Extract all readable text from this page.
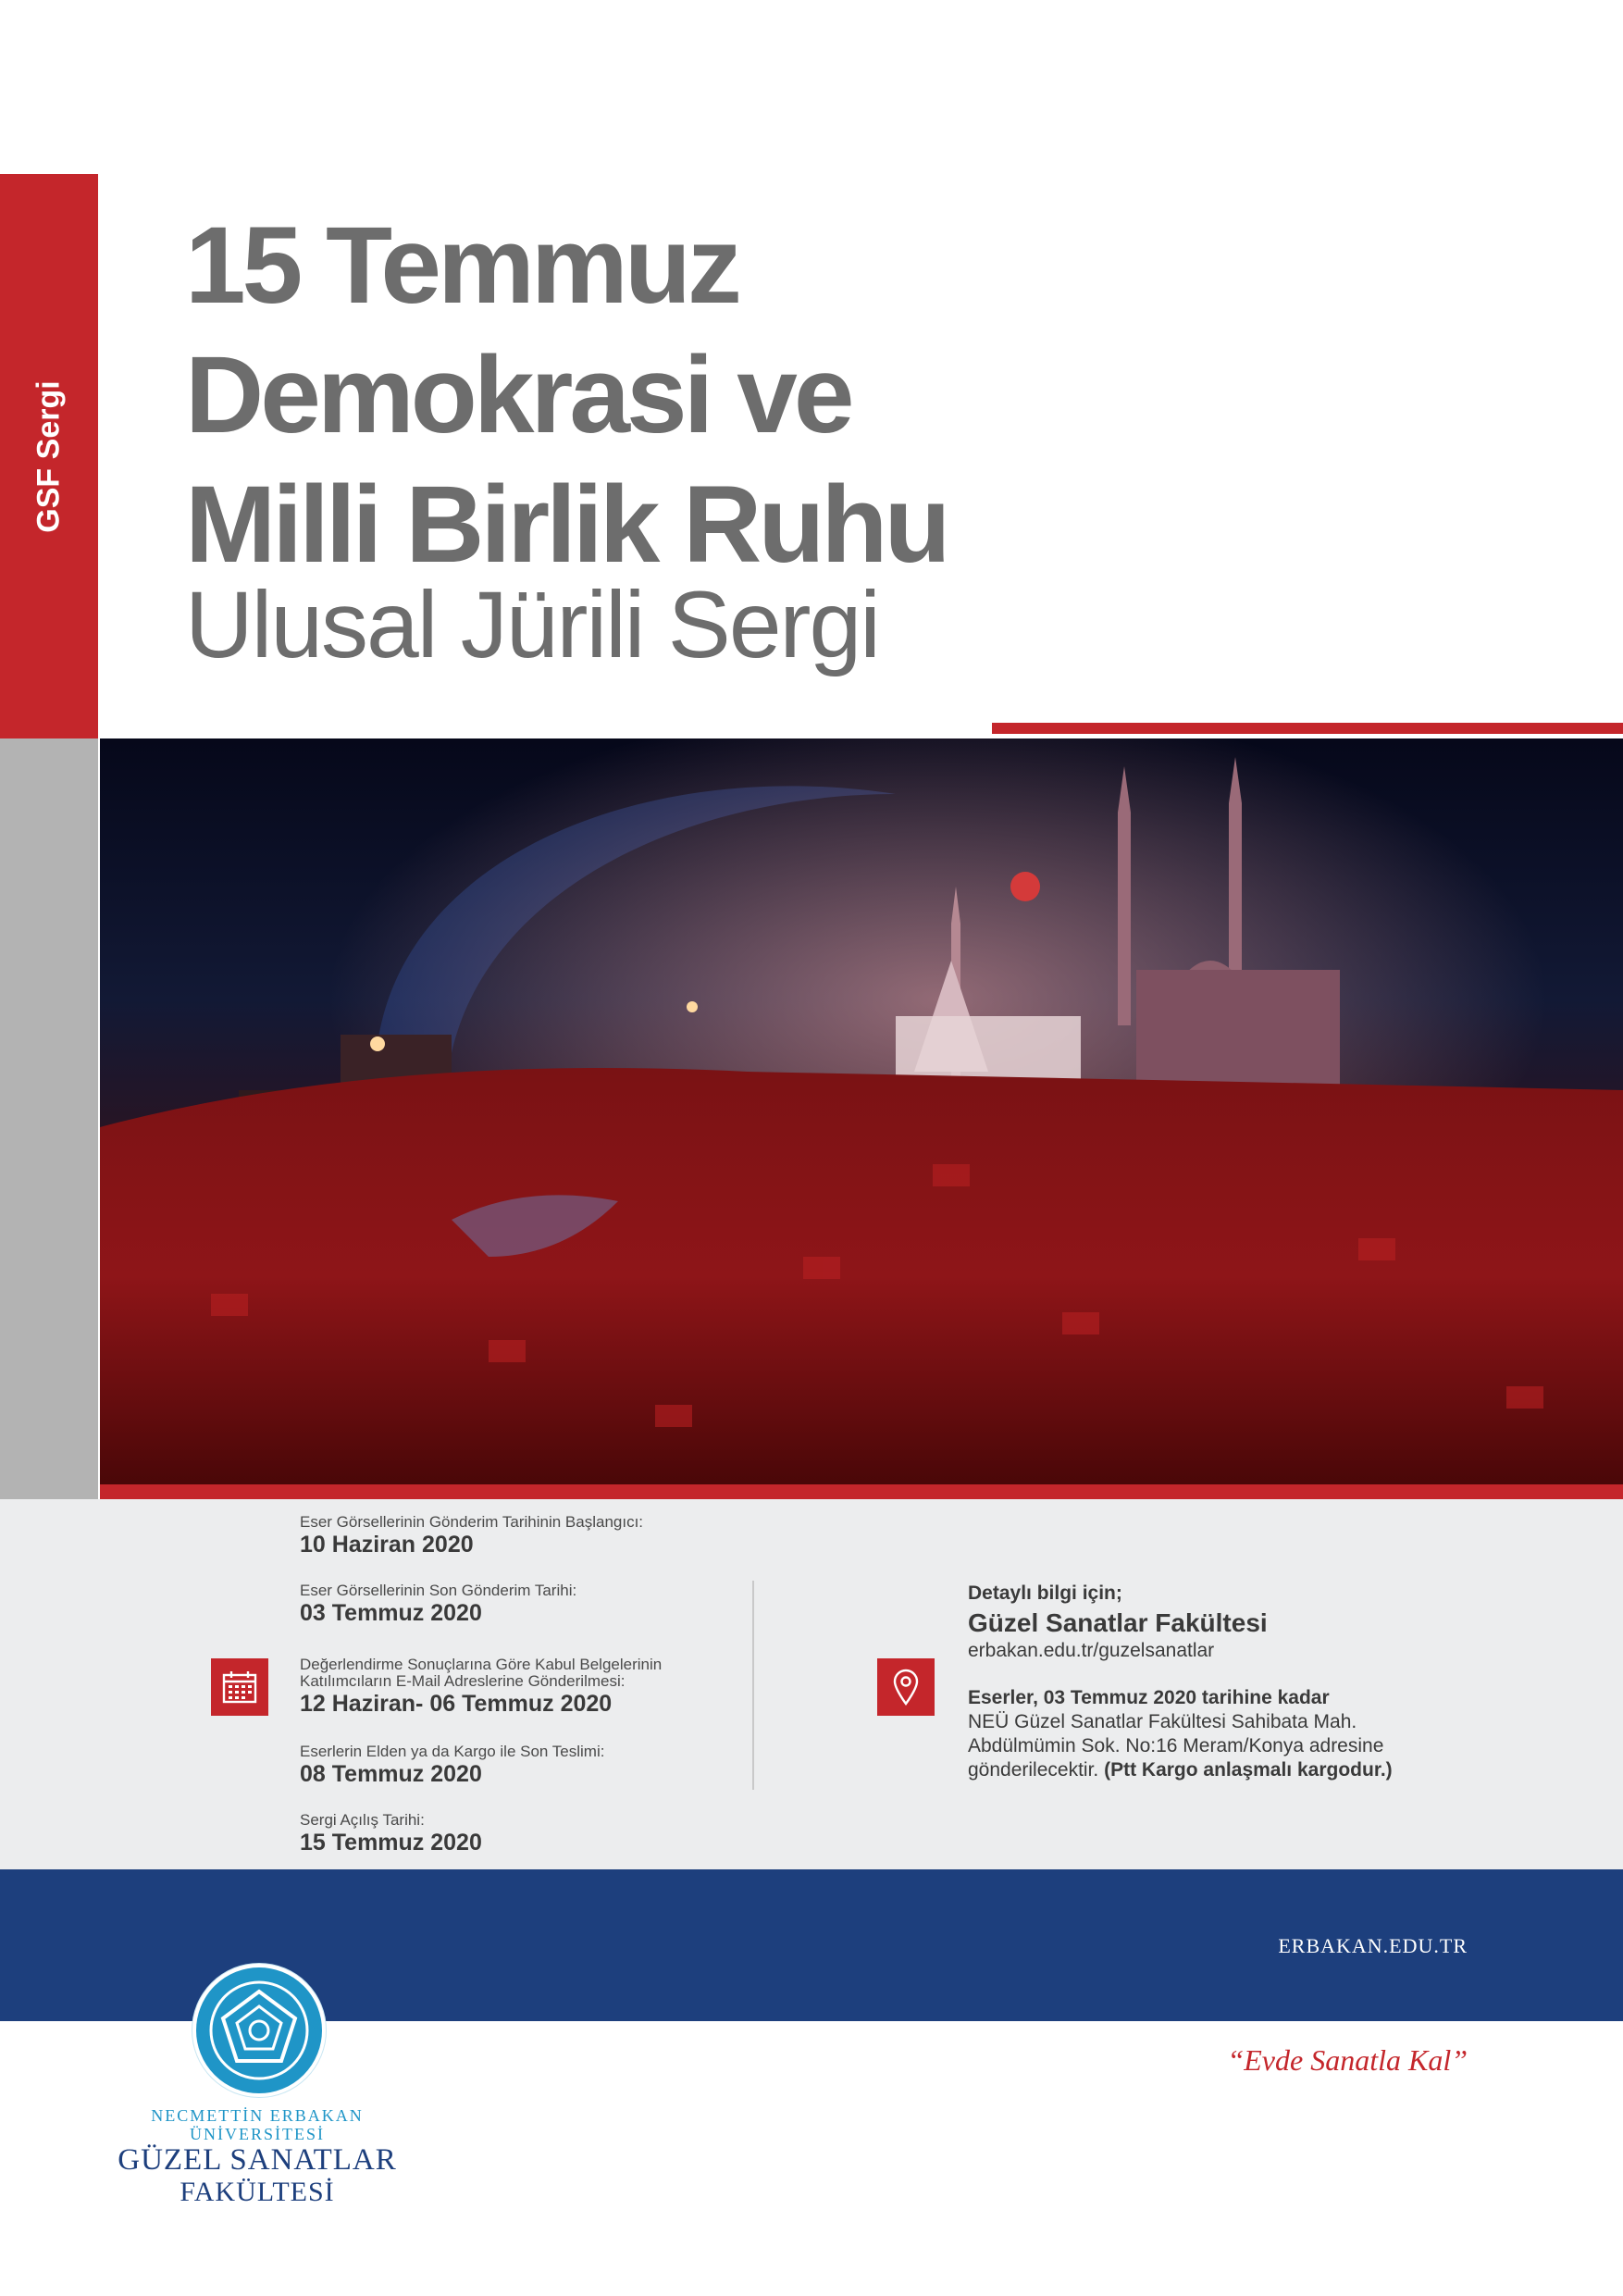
GSF Sergi
15 Temmuz
Demokrasi ve
Milli Birlik Ruhu
Ulusal Jürili Sergi
Eser Görsellerinin Gönderim Tarihinin Başlangıcı:
10 Haziran 2020
Eser Görsellerinin Son Gönderim Tarihi:
03 Temmuz 2020
Değerlendirme Sonuçlarına Göre Kabul Belgelerinin
Katılımcıların E-Mail Adreslerine Gönderilmesi:
12 Haziran- 06 Temmuz 2020
Eserlerin Elden ya da Kargo ile Son Teslimi:
08 Temmuz 2020
Sergi Açılış Tarihi:
15 Temmuz 2020
Detaylı bilgi için;
Güzel Sanatlar Fakültesi
erbakan.edu.tr/guzelsanatlar
Eserler, 03 Temmuz 2020 tarihine kadar
NEÜ Güzel Sanatlar Fakültesi Sahibata Mah.
Abdülmümin Sok. No:16 Meram/Konya adresine
gönderilecektir. (Ptt Kargo anlaşmalı kargodur.)
ERBAKAN.EDU.TR
NECMETTİN ERBAKAN
ÜNİVERSİTESİ
GÜZEL SANATLAR
FAKÜLTESİ
“Evde Sanatla Kal”
